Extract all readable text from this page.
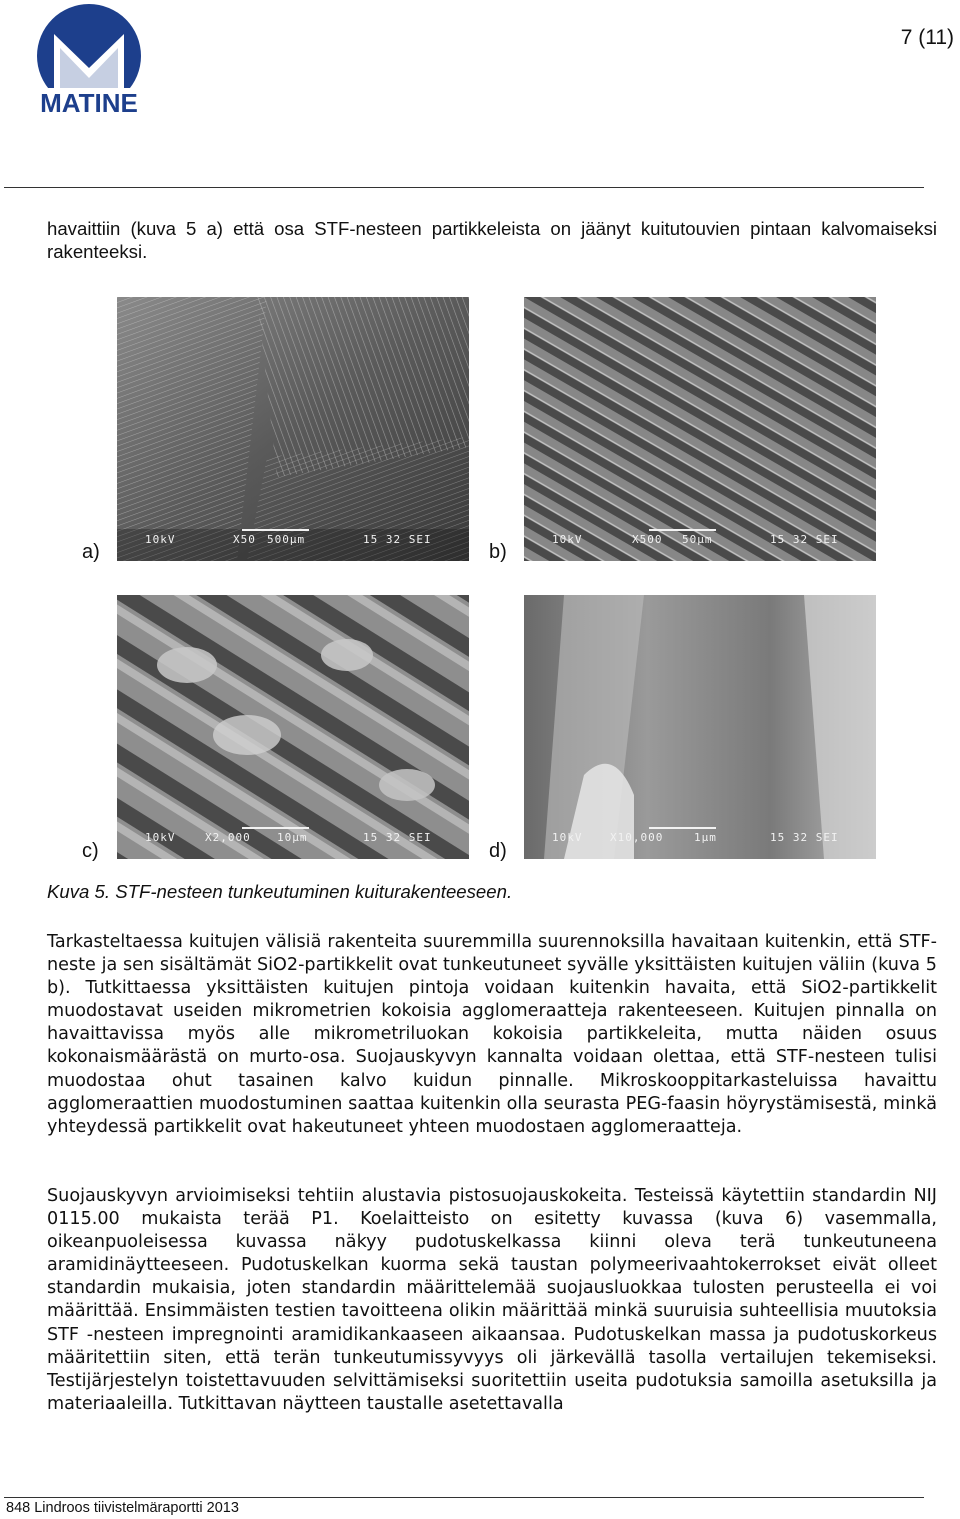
MATINE
7 (11)

havaittiin (kuva 5 a) että osa STF-nesteen partikkeleista on jäänyt kuitutouvien pintaan kalvomaiseksi rakenteeksi.

10kV	X50 500µm	15 32 SEI
a)
10kV	X500 50µm	15 32 SEI
b)
10kV	X2,000 10µm	15 32 SEI
c)
10kV	X10,000	1µm	15 32 SEI
d)

Kuva 5. STF-nesteen tunkeutuminen kuiturakenteeseen.

Tarkasteltaessa kuitujen välisiä rakenteita suuremmilla suurennoksilla havaitaan kuitenkin, että STF-neste ja sen sisältämät SiO2-partikkelit ovat tunkeutuneet syvälle yksittäisten kuitujen väliin (kuva 5 b). Tutkittaessa yksittäisten kuitujen pintoja voidaan kuitenkin havaita, että SiO2-partikkelit muodostavat useiden mikrometrien kokoisia agglomeraatteja rakenteeseen. Kuitujen pinnalla on havaittavissa myös alle mikrometriluokan kokoisia partikkeleita, mutta näiden osuus kokonaismäärästä on murto-osa. Suojauskyvyn kannalta voidaan olettaa, että STF-nesteen tulisi muodostaa ohut tasainen kalvo kuidun pinnalle. Mikroskooppitarkasteluissa havaittu agglomeraattien muodostuminen saattaa kuitenkin olla seurasta PEG-faasin höyrystämisestä, minkä yhteydessä partikkelit ovat hakeutuneet yhteen muodostaen agglomeraatteja.

Suojauskyvyn arvioimiseksi tehtiin alustavia pistosuojauskokeita. Testeissä käytettiin standardin NIJ 0115.00 mukaista terää P1. Koelaitteisto on esitetty kuvassa (kuva 6) vasemmalla, oikeanpuoleisessa kuvassa näkyy pudotuskelkassa kiinni oleva terä tunkeutuneena aramidinäytteeseen. Pudotuskelkan kuorma sekä taustan polymeerivaahtokerrokset eivät olleet standardin mukaisia, joten standardin määrittelemää suojausluokkaa tulosten perusteella ei voi määrittää. Ensimmäisten testien tavoitteena olikin määrittää minkä suuruisia suhteellisia muutoksia STF -nesteen impregnointi aramidikankaaseen aikaansaa. Pudotuskelkan massa ja pudotuskorkeus määritettiin siten, että terän tunkeutumissyvyys oli järkevällä tasolla vertailujen tekemiseksi. Testijärjestelyn toistettavuuden selvittämiseksi suoritettiin useita pudotuksia samoilla asetuksilla ja materiaaleilla. Tutkittavan näytteen taustalle asetettavalla

848 Lindroos tiivistelmäraportti 2013
